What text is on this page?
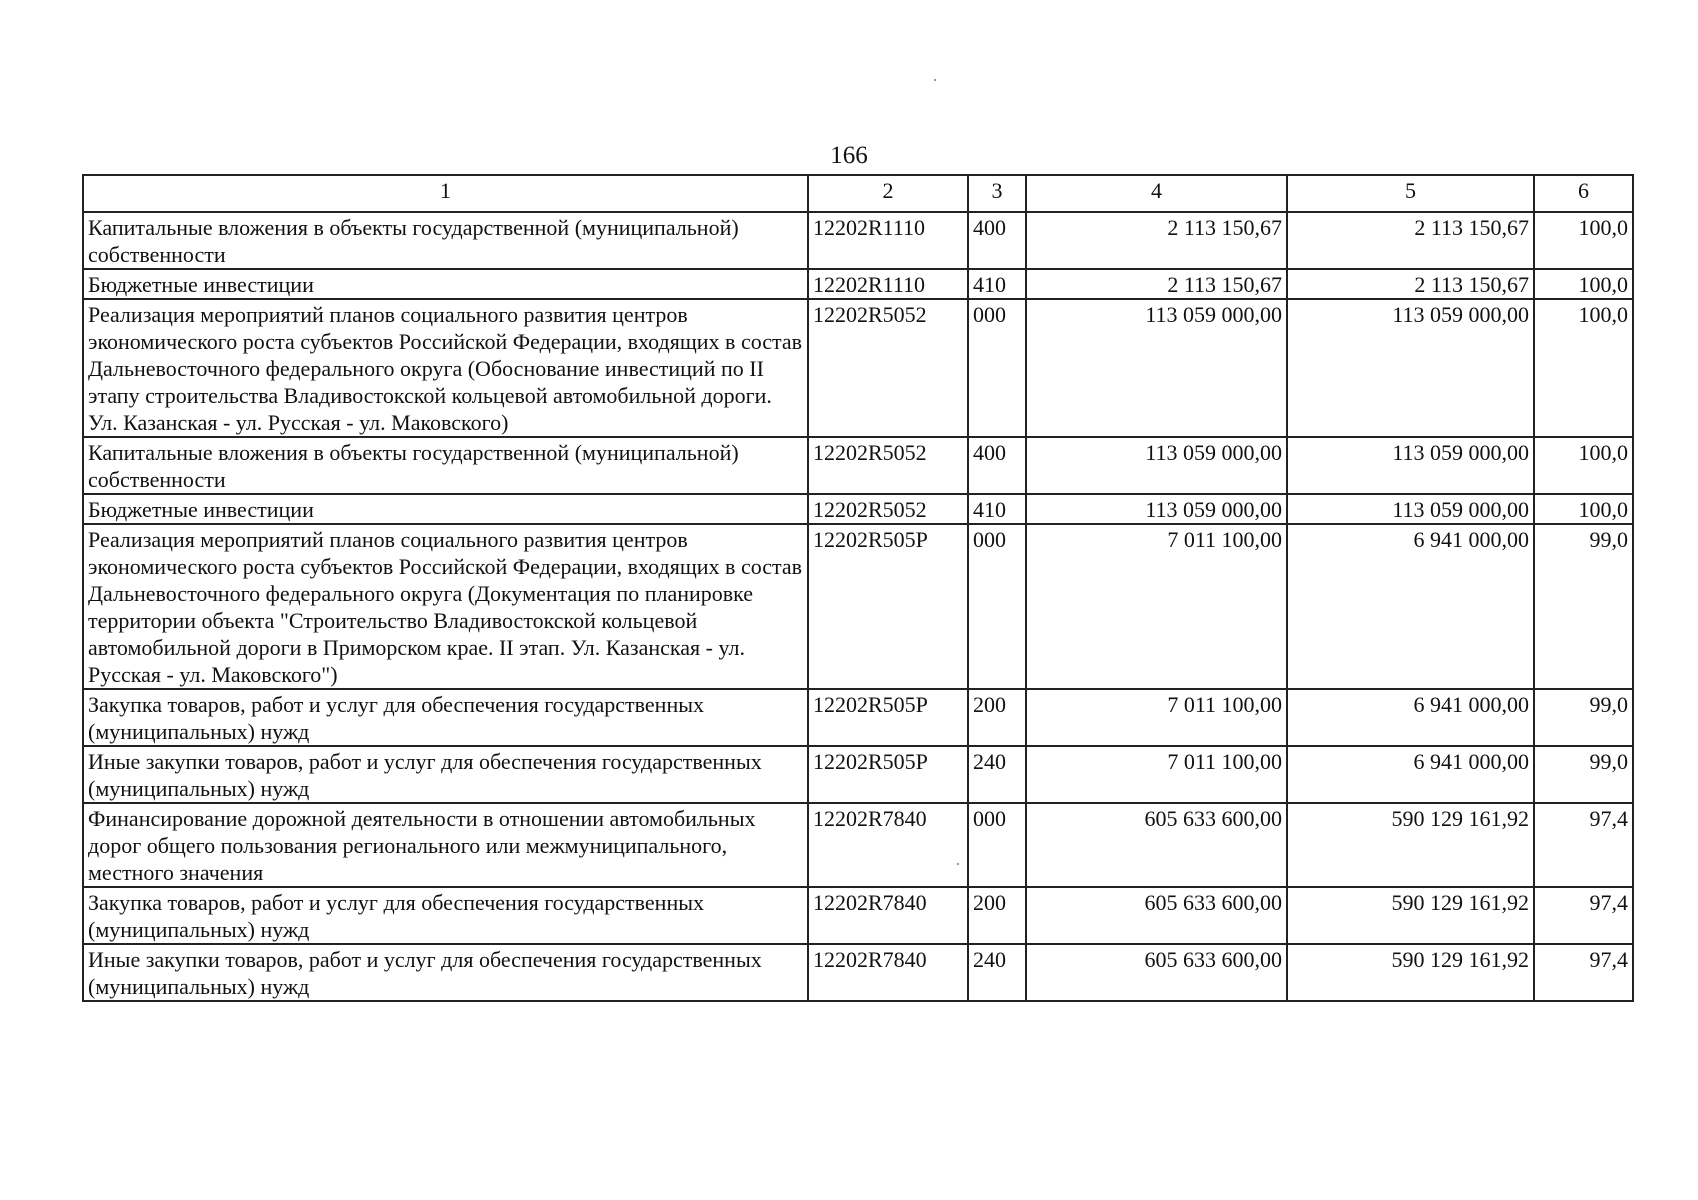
166
1	2	3	4	5	6
Капитальные вложения в объекты государственной (муниципальной) собственности	12202R1110	400	2 113 150,67	2 113 150,67	100,0
Бюджетные инвестиции	12202R1110	410	2 113 150,67	2 113 150,67	100,0
Реализация мероприятий планов социального развития центров экономического роста субъектов Российской Федерации, входящих в состав Дальневосточного федерального округа (Обоснование инвестиций по II этапу строительства Владивостокской кольцевой автомобильной дороги. Ул. Казанская - ул. Русская - ул. Маковского)	12202R5052	000	113 059 000,00	113 059 000,00	100,0
Капитальные вложения в объекты государственной (муниципальной) собственности	12202R5052	400	113 059 000,00	113 059 000,00	100,0
Бюджетные инвестиции	12202R5052	410	113 059 000,00	113 059 000,00	100,0
Реализация мероприятий планов социального развития центров экономического роста субъектов Российской Федерации, входящих в состав Дальневосточного федерального округа (Документация по планировке территории объекта "Строительство Владивостокской кольцевой автомобильной дороги в Приморском крае. II этап. Ул. Казанская - ул. Русская - ул. Маковского")	12202R505P	000	7 011 100,00	6 941 000,00	99,0
Закупка товаров, работ и услуг для обеспечения государственных (муниципальных) нужд	12202R505P	200	7 011 100,00	6 941 000,00	99,0
Иные закупки товаров, работ и услуг для обеспечения государственных (муниципальных) нужд	12202R505P	240	7 011 100,00	6 941 000,00	99,0
Финансирование дорожной деятельности в отношении автомобильных дорог общего пользования регионального или межмуниципального, местного значения	12202R7840	000	605 633 600,00	590 129 161,92	97,4
Закупка товаров, работ и услуг для обеспечения государственных (муниципальных) нужд	12202R7840	200	605 633 600,00	590 129 161,92	97,4
Иные закупки товаров, работ и услуг для обеспечения государственных (муниципальных) нужд	12202R7840	240	605 633 600,00	590 129 161,92	97,4
